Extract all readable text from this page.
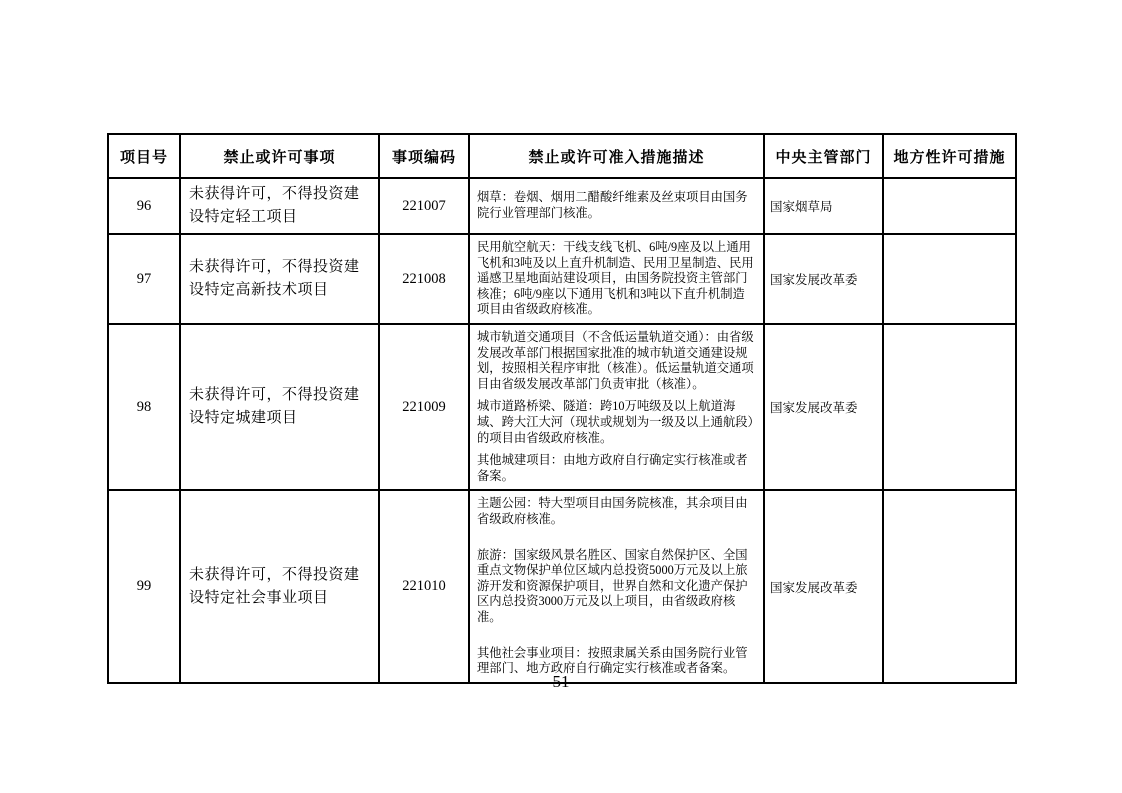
项目号	禁止或许可事项	事项编码	禁止或许可准入措施描述	中央主管部门	地方性许可措施
96	未获得许可，不得投资建设特定轻工项目	221007	烟草：卷烟、烟用二醋酸纤维素及丝束项目由国务院行业管理部门核准。	国家烟草局	
97	未获得许可，不得投资建设特定高新技术项目	221008	民用航空航天：干线支线飞机、6吨/9座及以上通用飞机和3吨及以上直升机制造、民用卫星制造、民用遥感卫星地面站建设项目，由国务院投资主管部门核准；6吨/9座以下通用飞机和3吨以下直升机制造项目由省级政府核准。	国家发展改革委	
98	未获得许可，不得投资建设特定城建项目	221009	城市轨道交通项目（不含低运量轨道交通）：由省级发展改革部门根据国家批准的城市轨道交通建设规划，按照相关程序审批（核准）。低运量轨道交通项目由省级发展改革部门负责审批（核准）。

城市道路桥梁、隧道：跨10万吨级及以上航道海域、跨大江大河（现状或规划为一级及以上通航段）的项目由省级政府核准。

其他城建项目：由地方政府自行确定实行核准或者备案。	国家发展改革委	
99	未获得许可，不得投资建设特定社会事业项目	221010	主题公园：特大型项目由国务院核准，其余项目由省级政府核准。

旅游：国家级风景名胜区、国家自然保护区、全国重点文物保护单位区域内总投资5000万元及以上旅游开发和资源保护项目，世界自然和文化遗产保护区内总投资3000万元及以上项目，由省级政府核准。

其他社会事业项目：按照隶属关系由国务院行业管理部门、地方政府自行确定实行核准或者备案。	国家发展改革委	
51
